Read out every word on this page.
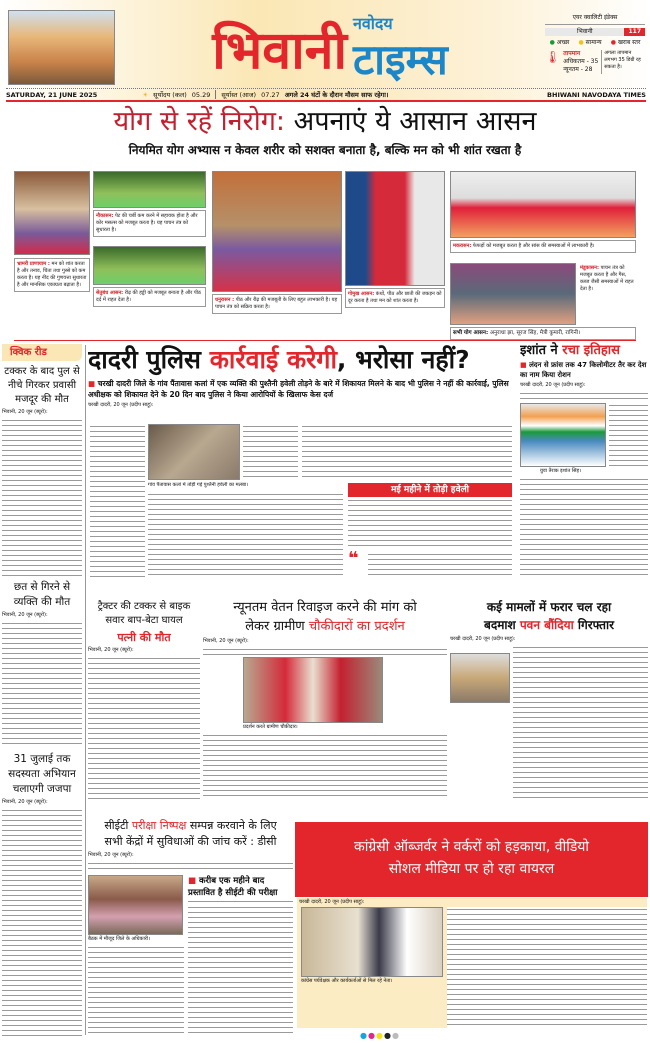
भिवानी नवोदय
टाइम्स
एयर क्वालिटी इंडेक्स
भिवानी	117
● अच्छा ● सामान्य ● खराब स्तर
🌡 तापमान
अधिकतम - 35
न्यूनतम - 28
अगला तापमान लगभग 35 डिग्री रह सकता है।
SATURDAY, 21 JUNE 2025	☀ सूर्योदय (कल) 05.29	सूर्यास्त (आज) 07.27 अगले 24 घंटों के दौरान मौसम साफ रहेगा।	BHIWANI NAVODAYA TIMES
योग से रहें निरोग: अपनाएं ये आसान आसन
नियमित योग अभ्यास न केवल शरीर को सशक्त बनाता है, बल्कि मन को भी शांत रखता है
भ्रामरी प्राणायाम : मन को शांत करता है और तनाव, चिंता तथा गुस्से को कम करता है। यह नींद की गुणवत्ता सुधारता है और मानसिक एकाग्रता बढ़ाता है।
नौकासन: पेट की चर्बी कम करने में सहायक होता है और कोर मसल्स को मजबूत करता है। यह पाचन तंत्र को सुधारता है।
सेतुबंध आसन: रीढ़ की हड्डी को मजबूत बनाता है और पीठ दर्द में राहत देता है।	धनुरासन : पीठ और रीढ़ की मजबूती के लिए बहुत लाभकारी है। यह पाचन तंत्र को सक्रिय करता है।
गोमुख आसन: कंधों, पीठ और छाती की जकड़न को दूर करता है तथा मन को शांत करता है।
मकरासन: फेफड़ों को मजबूत करता है और सांस की समस्याओं में लाभकारी है।
मंडूकासन: पाचन तंत्र को मजबूत करता है और गैस, कब्ज जैसी समस्याओं में राहत देता है।
सभी योग आसन: अनुराधा झा, सूरज सिंह, मैत्री कुमारी, रागिनी।
क्विक रीड
टक्कर के बाद पुल से नीचे गिरकर प्रवासी मजदूर की मौत
भिवानी, 20 जून (ब्यूरो):
छत से गिरने से व्यक्ति की मौत
भिवानी, 20 जून (ब्यूरो):
31 जुलाई तक सदस्यता अभियान चलाएगी जजपा
भिवानी, 20 जून (ब्यूरो):
दादरी पुलिस कार्रवाई करेगी, भरोसा नहीं?
■ चरखी दादरी जिले के गांव पैंतावास कलां में एक व्यक्ति की पुश्तैनी हवेली तोड़ने के बारे में शिकायत मिलने के बाद भी पुलिस ने नहीं की कार्रवाई, पुलिस अधीक्षक को शिकायत देने के 20 दिन बाद पुलिस ने किया आरोपियों के खिलाफ केस दर्ज
चरखी दादरी, 20 जून (प्रदीप साहू):
गांव पैंतावास कलां में तोड़ी गई पुश्तैनी हवेली का मलबा।	मई महीने में तोड़ी हवेली
❝
इशांत ने रचा इतिहास
■ लंदन से फ्रांस तक 47 किलोमीटर तैर कर देश का नाम किया रोशन
चरखी दादरी, 20 जून (प्रदीप साहू):
युवा तैराक इशांत सिंह।
ट्रैक्टर की टक्कर से बाइक सवार बाप-बेटा घायल
पत्नी की मौत
भिवानी, 20 जून (ब्यूरो):
न्यूनतम वेतन रिवाइज करने की मांग को
लेकर ग्रामीण चौकीदारों का प्रदर्शन
भिवानी, 20 जून (ब्यूरो):
प्रदर्शन करते ग्रामीण चौकीदार।
कई मामलों में फरार चल रहा
बदमाश पवन बौंदिया गिरफ्तार
चरखी दादरी, 20 जून (प्रदीप साहू):
सीईटी परीक्षा निष्पक्ष सम्पन्न करवाने के लिए
सभी केंद्रों में सुविधाओं की जांच करें : डीसी
भिवानी, 20 जून (ब्यूरो):
बैठक में मौजूद जिले के अधिकारी।
■ करीब एक महीने बाद प्रस्तावित है सीईटी की परीक्षा
कांग्रेसी ऑब्जर्वर ने वर्करों को हड़काया, वीडियो
सोशल मीडिया पर हो रहा वायरल
चरखी दादरी, 20 जून (प्रदीप साहू):
कांग्रेस पर्यवेक्षक और कार्यकर्ताओं से मिल रहे नेता।
●●●●●
